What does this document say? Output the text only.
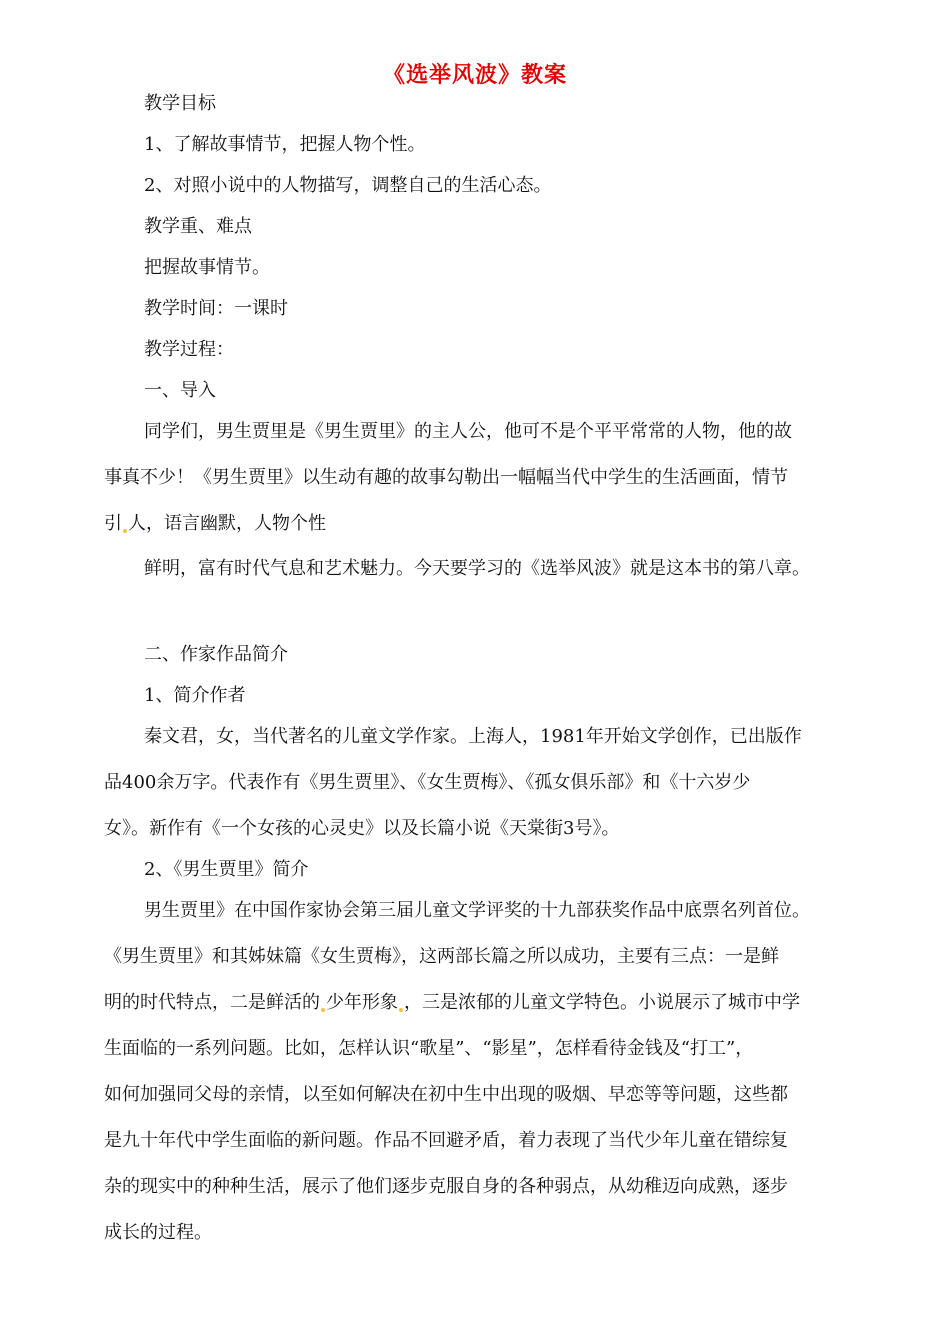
《选举风波》教案
教学目标
1、了解故事情节，把握人物个性。
2、对照小说中的人物描写，调整自己的生活心态。
教学重、难点
把握故事情节。
教学时间：一课时
教学过程：
一、导入
同学们，男生贾里是《男生贾里》的主人公，他可不是个平平常常的人物，他的故
事真不少！《男生贾里》以生动有趣的故事勾勒出一幅幅当代中学生的生活画面，情节
引 人，语言幽默，人物个性
鲜明，富有时代气息和艺术魅力。今天要学习的《选举风波》就是这本书的第八章。
二、作家作品简介
1、简介作者
秦文君，女，当代著名的儿童文学作家。上海人，1981年开始文学创作，已出版作
品400余万字。代表作有《男生贾里》、《女生贾梅》、《孤女俱乐部》和《十六岁少
女》。新作有《一个女孩的心灵史》以及长篇小说《天棠街3号》。
2、《男生贾里》简介
男生贾里》在中国作家协会第三届儿童文学评奖的十九部获奖作品中底票名列首位。
《男生贾里》和其姊妹篇《女生贾梅》，这两部长篇之所以成功，主要有三点：一是鲜
明的时代特点，二是鲜活的 少年形象 ，三是浓郁的儿童文学特色。小说展示了城市中学
生面临的一系列问题。比如，怎样认识“歌星”、“影星”，怎样看待金钱及“打工”，
如何加强同父母的亲情，以至如何解决在初中生中出现的吸烟、早恋等等问题，这些都
是九十年代中学生面临的新问题。作品不回避矛盾，着力表现了当代少年儿童在错综复
杂的现实中的种种生活，展示了他们逐步克服自身的各种弱点，从幼稚迈向成熟，逐步
成长的过程。
